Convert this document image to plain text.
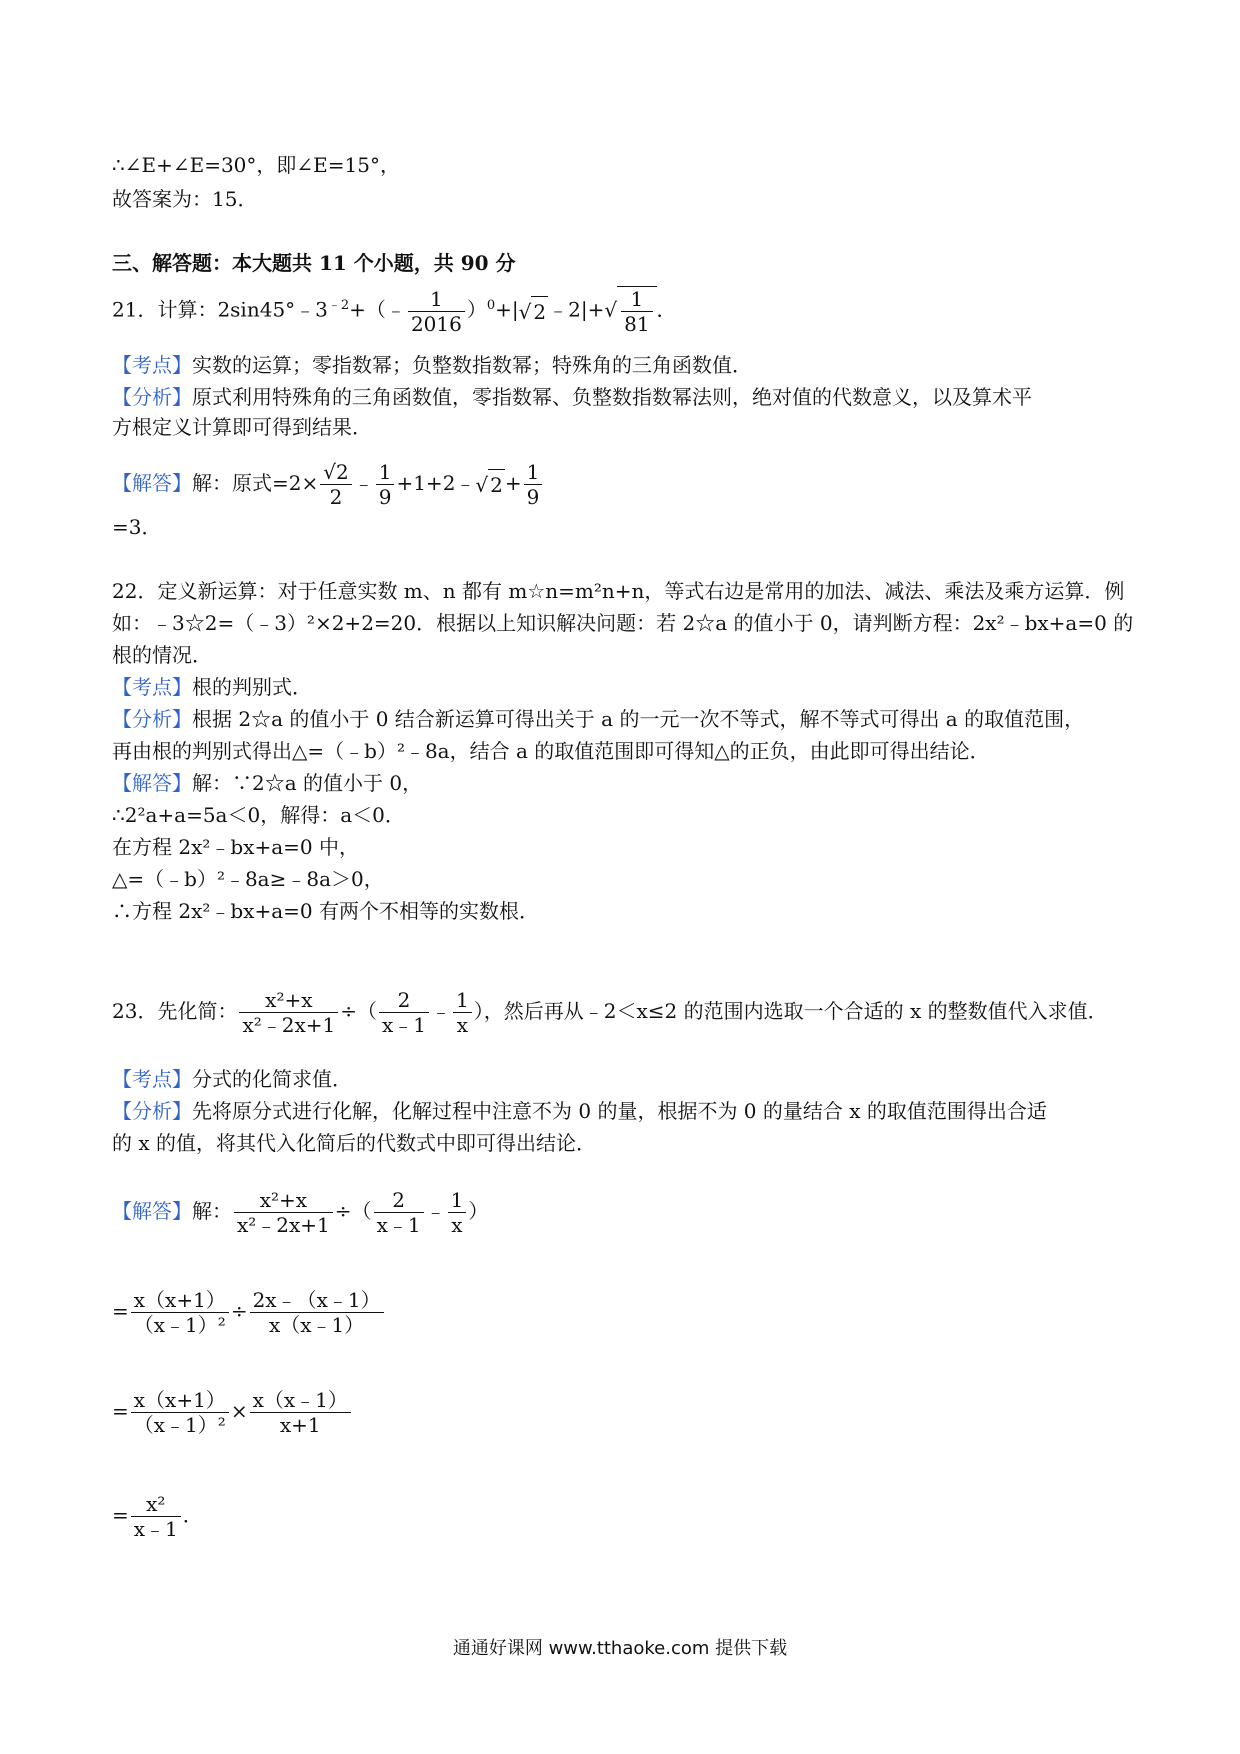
∴∠E+∠E=30°，即∠E=15°，
故答案为：15．
三、解答题：本大题共 11 个小题，共 90 分
21．计算：$2\sin 45^\circ﹣3^{﹣2}+(﹣ \frac{1}{2016} )^0+|√$ 2 ﹣2|+√ $\frac{1}{81}$ ．
【考点】实数的运算；零指数幂；负整数指数幂；特殊角的三角函数值．
【分析】原式利用特殊角的三角函数值，零指数幂、负整数指数幂法则，绝对值的代数意义，以及算术平
方根定义计算即可得到结果．
【解答】解：原式$=2\times \frac{√2}{2}$ ﹣ $\frac{1}{9}$ +1+2﹣√ $2 + \frac{1}{9}$
=3．
22．定义新运算：对于任意实数 m、n 都有 m☆n=m²n+n，等式右边是常用的加法、减法、乘法及乘方运算．例
如：﹣3☆2=（﹣3）²×2+2=20．根据以上知识解决问题：若 2☆a 的值小于 0，请判断方程：2x²﹣bx+a=0 的
根的情况．
【考点】根的判别式．
【分析】根据 2☆a 的值小于 0 结合新运算可得出关于 a 的一元一次不等式，解不等式可得出 a 的取值范围，
再由根的判别式得出△=（﹣b）²﹣8a，结合 a 的取值范围即可得知△的正负，由此即可得出结论．
【解答】解：∵2☆a 的值小于 0，
∴2²a+a=5a＜0，解得：a＜0．
在方程 2x²﹣bx+a=0 中，
△=（﹣b）²﹣8a≥﹣8a＞0，
∴方程 2x²﹣bx+a=0 有两个不相等的实数根．
23．先化简： $\frac{\text{x²+x}}{\text{x²﹣2x+1}}$ ÷（ $\frac{2}{x﹣1}$ ﹣ $\frac{1}{x}$ ），然后再从﹣2＜x≤2 的范围内选取一个合适的 x 的整数值代入求值．
【考点】分式的化简求值．
【分析】先将原分式进行化解，化解过程中注意不为 0 的量，根据不为 0 的量结合 x 的取值范围得出合适
的 x 的值，将其代入化简后的代数式中即可得出结论．
【解答】解： $\frac{\text{x²+x}}{\text{x²﹣2x+1}}$ ÷（ $\frac{2}{x﹣1}$ ﹣ $\frac{1}{x}$ ）
= $\frac{x(x+1)}{\text{（x﹣1）²}} \div \frac{2x﹣(x﹣1)}{x(x﹣1)}$
= $\frac{x(x+1)}{\text{（x﹣1）²}} \times \frac{x(x﹣1)}{x+1}$
= $\frac{\text{x²}}{x﹣1}$ ．
通通好课网 www.tthaoke.com 提供下载
